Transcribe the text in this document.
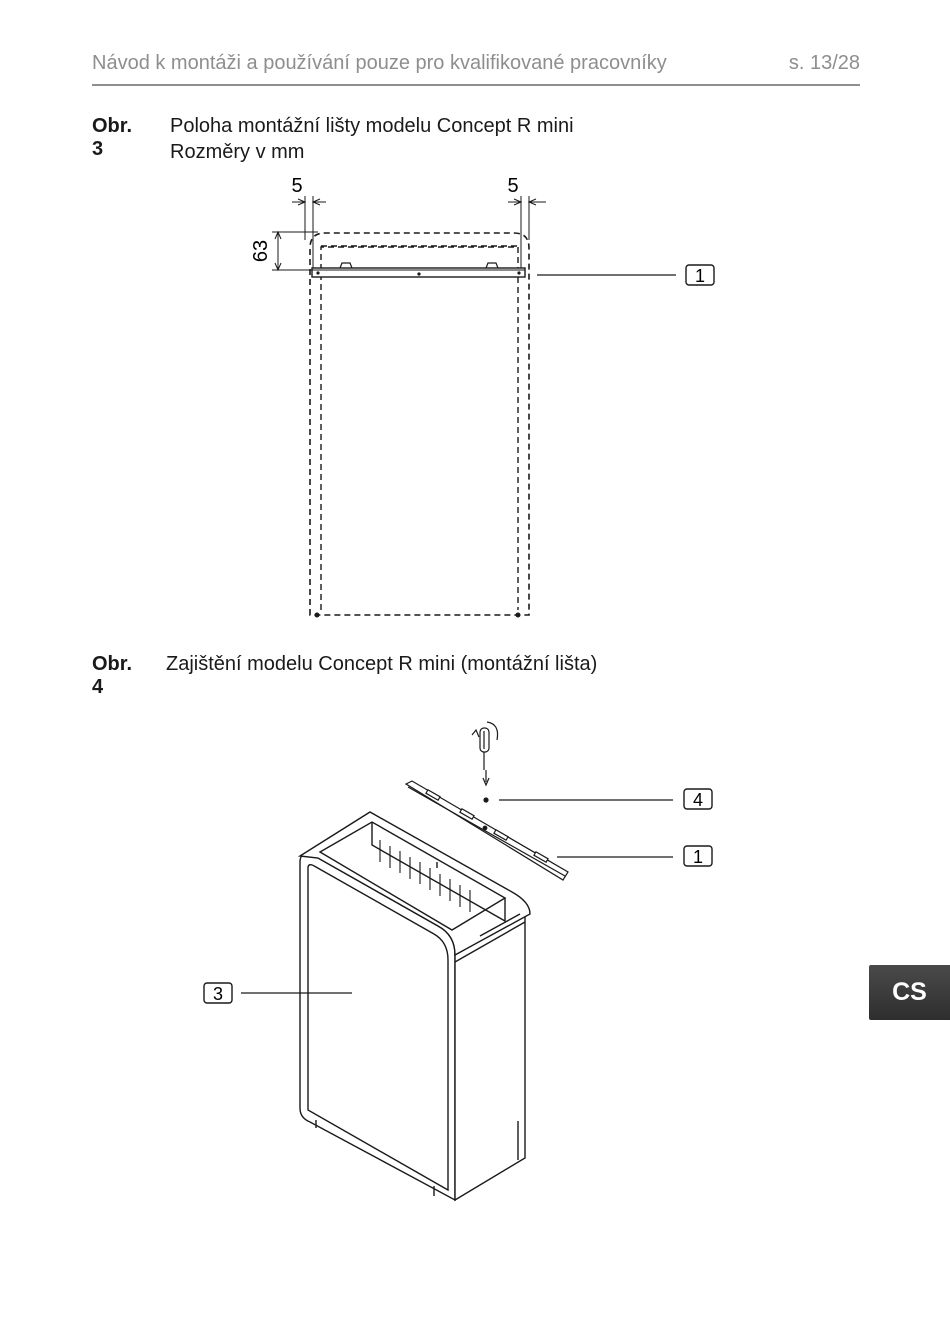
Návod k montáži a používání pouze pro kvalifikované pracovníky	s. 13/28
Obr. 3
Poloha montážní lišty modelu Concept R mini
Rozměry v mm
5	5
63
1
Obr. 4
Zajištění modelu Concept R mini (montážní lišta)
4
1
3	CS
